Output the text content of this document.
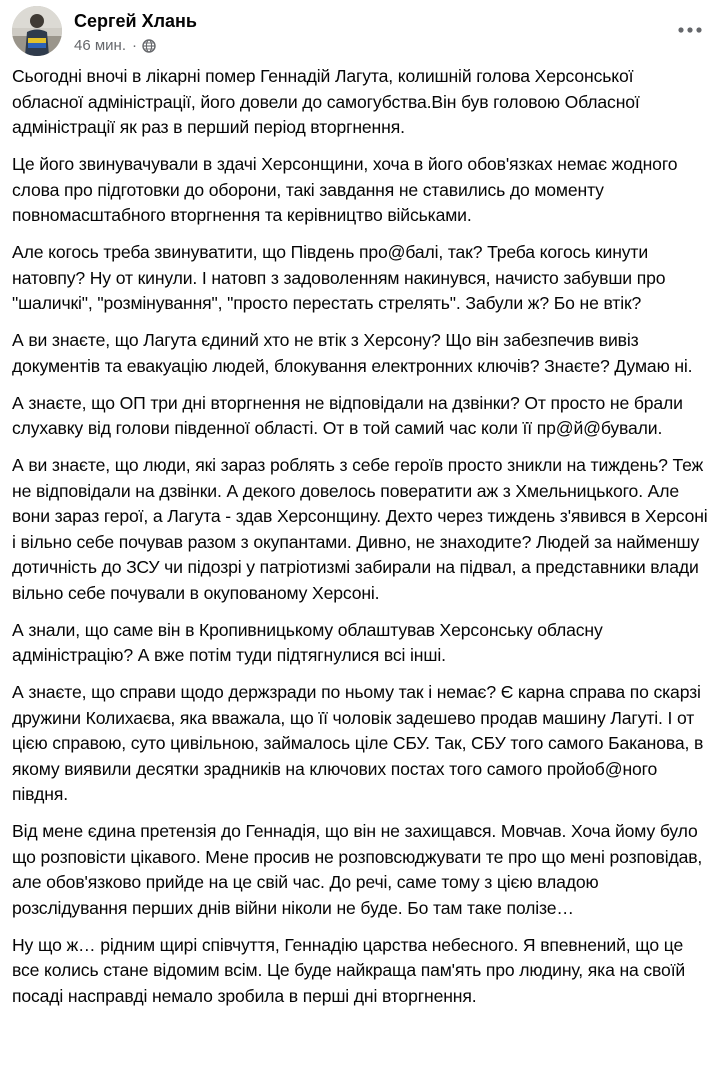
Сергей Хлань
46 мин. ·

Сьогодні вночі в лікарні помер Геннадій Лагута, колишній голова Херсонської обласної адміністрації, його довели до самогубства.Він був головою Обласної адміністрації як раз в перший період вторгнення.

Це його звинувачували в здачі Херсонщини, хоча в його обов'язках немає жодного слова про підготовки до оборони, такі завдання не ставились до моменту повномасштабного вторгнення та керівництво військами.

Але когось треба звинуватити, що Південь про@балі, так? Треба когось кинути натовпу? Ну от кинули. І натовп з задоволенням накинувся, начисто забувши про "шаличкі", "розмінування", "просто перестать стрелять". Забули ж? Бо не втік?

А ви знаєте, що Лагута єдиний хто не втік з Херсону? Що він забезпечив вивіз документів та евакуацію людей, блокування електронних ключів? Знаєте? Думаю ні.

А знаєте, що ОП три дні вторгнення не відповідали на дзвінки? От просто не брали слухавку від голови південної області. От в той самий час коли її пр@й@бували.

А ви знаєте, що люди, які зараз роблять з себе героїв просто зникли на тиждень? Теж не відповідали на дзвінки. А декого довелось повератити аж з Хмельницького. Але вони зараз герої, а Лагута - здав Херсонщину. Дехто через тиждень з'явився в Херсоні і вільно себе почував разом з окупантами. Дивно, не знаходите? Людей за найменшу дотичність до ЗСУ чи підозрі у патріотизмі забирали на підвал, а представники влади вільно себе почували в окупованому Херсоні.

А знали, що саме він в Кропивницькому облаштував Херсонську обласну адміністрацію? А вже потім туди підтягнулися всі інші.

А знаєте, що справи щодо держзради по ньому так і немає? Є карна справа по скарзі дружини Колихаєва, яка вважала, що її чоловік задешево продав машину Лагуті. І от цією справою, суто цивільною, займалось ціле СБУ. Так, СБУ того самого Баканова, в якому виявили десятки зрадників на ключових постах того самого пройоб@ного півдня.

Від мене єдина претензія до Геннадія, що він не захищався. Мовчав. Хоча йому було що розповісти цікавого. Мене просив не розповсюджувати те про що мені розповідав, але обов'язково прийде на це свій час. До речі, саме тому з цією владою розслідування перших днів війни ніколи не буде. Бо там таке полізе…

Ну що ж… рідним щирі співчуття, Геннадію царства небесного. Я впевнений, що це все колись стане відомим всім. Це буде найкраща пам'ять про людину, яка на своїй посаді насправді немало зробила в перші дні вторгнення.
